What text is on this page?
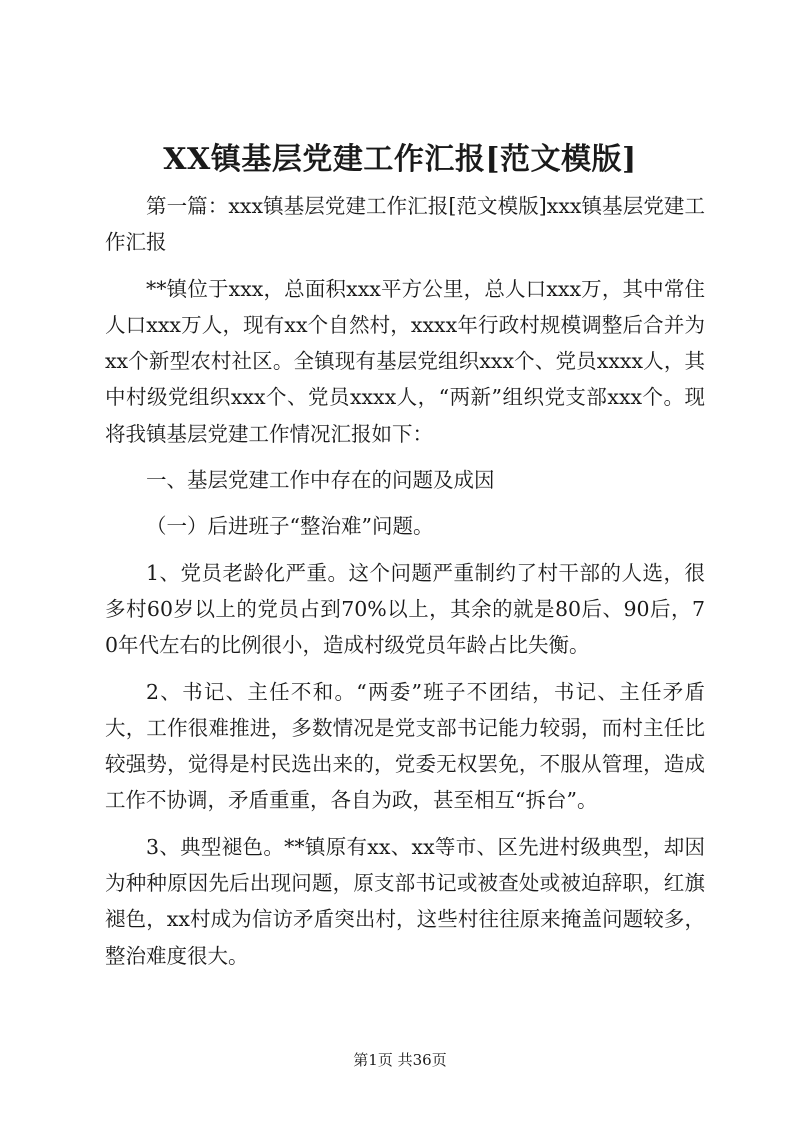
XX镇基层党建工作汇报[范文模版]

第一篇：xxx镇基层党建工作汇报[范文模版]xxx镇基层党建工作汇报

**镇位于xxx，总面积xxx平方公里，总人口xxx万，其中常住人口xxx万人，现有xx个自然村，xxxx年行政村规模调整后合并为xx个新型农村社区。全镇现有基层党组织xxx个、党员xxxx人，其中村级党组织xxx个、党员xxxx人，“两新”组织党支部xxx个。现将我镇基层党建工作情况汇报如下：

一、基层党建工作中存在的问题及成因

（一）后进班子“整治难”问题。

1、党员老龄化严重。这个问题严重制约了村干部的人选，很多村60岁以上的党员占到70%以上，其余的就是80后、90后，70年代左右的比例很小，造成村级党员年龄占比失衡。

2、书记、主任不和。“两委”班子不团结，书记、主任矛盾大，工作很难推进，多数情况是党支部书记能力较弱，而村主任比较强势，觉得是村民选出来的，党委无权罢免，不服从管理，造成工作不协调，矛盾重重，各自为政，甚至相互“拆台”。

3、典型褪色。**镇原有xx、xx等市、区先进村级典型，却因为种种原因先后出现问题，原支部书记或被查处或被迫辞职，红旗褪色，xx村成为信访矛盾突出村，这些村往往原来掩盖问题较多，整治难度很大。

第1页 共36页
